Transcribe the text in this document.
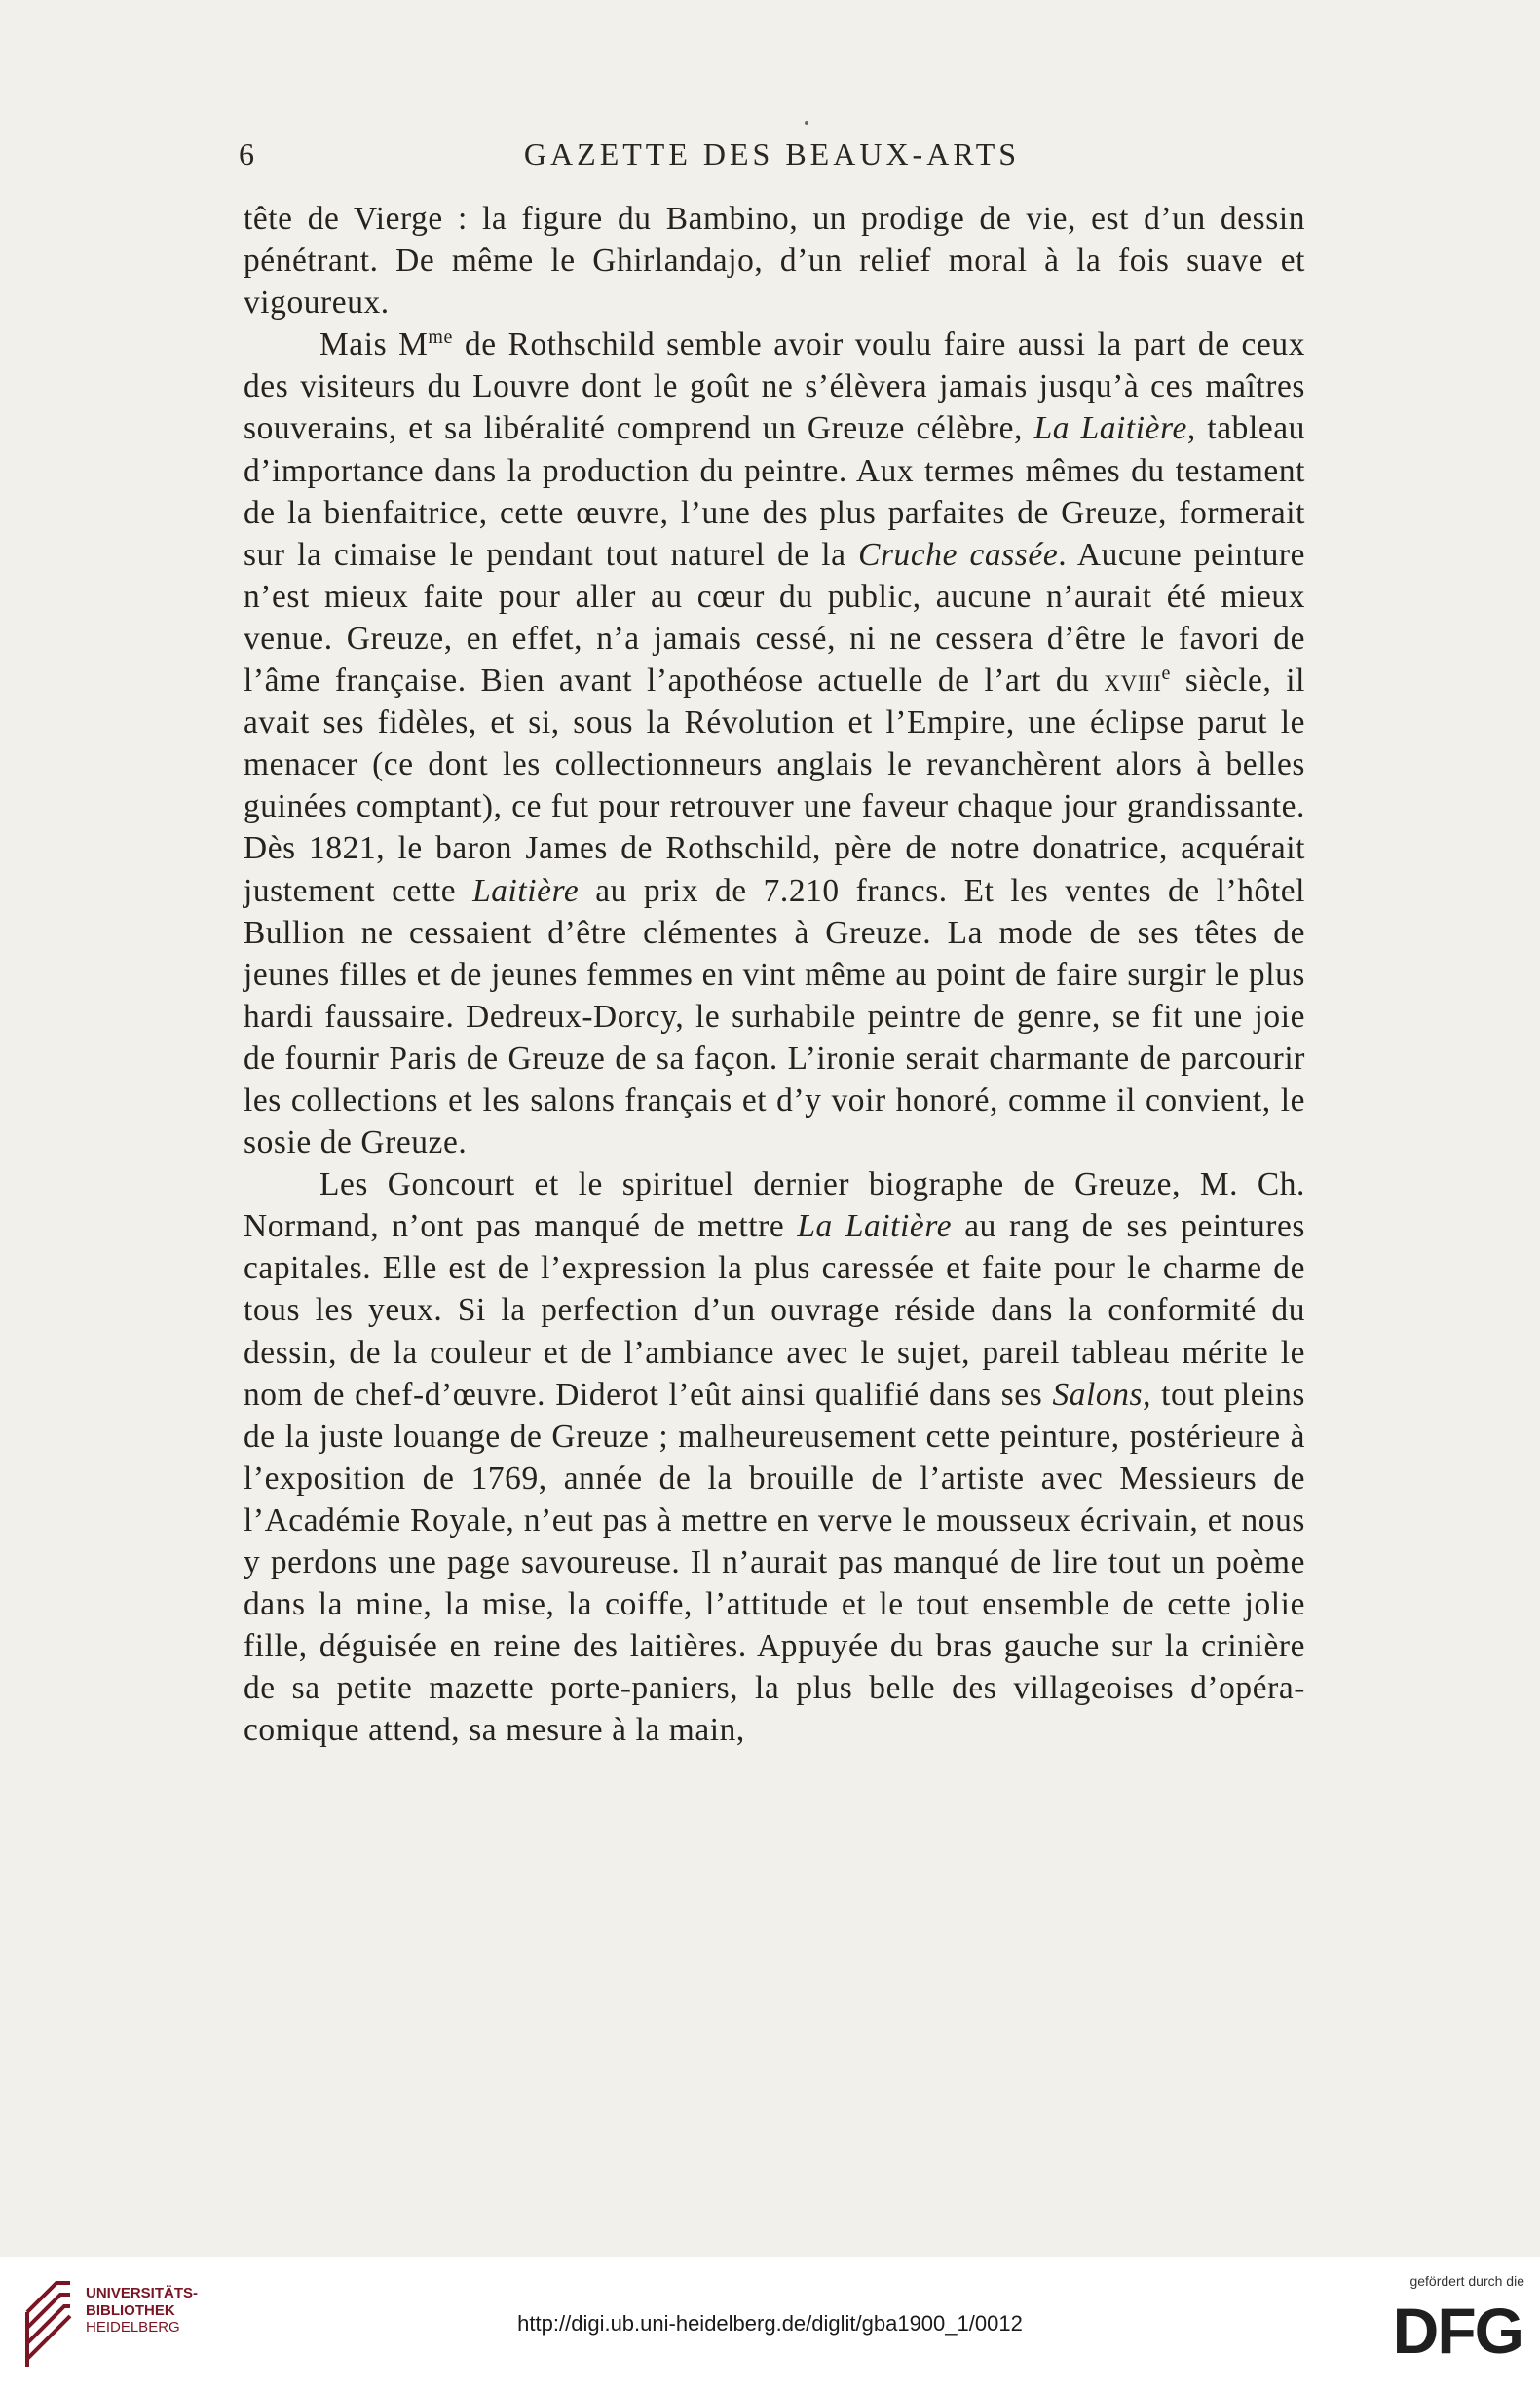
6	GAZETTE DES BEAUX-ARTS

tête de Vierge : la figure du Bambino, un prodige de vie, est d’un dessin pénétrant. De même le Ghirlandajo, d’un relief moral à la fois suave et vigoureux.

Mais $M^{me}$ de Rothschild semble avoir voulu faire aussi la part de ceux des visiteurs du Louvre dont le goût ne s’élèvera jamais jusqu’à ces maîtres souverains, et sa libéralité comprend un Greuze célèbre, La Laitière, tableau d’importance dans la production du peintre. Aux termes mêmes du testament de la bienfaitrice, cette œuvre, l’une des plus parfaites de Greuze, formerait sur la cimaise le pendant tout naturel de la Cruche cassée. Aucune peinture n’est mieux faite pour aller au cœur du public, aucune n’aurait été mieux venue. Greuze, en effet, n’a jamais cessé, ni ne cessera d’être le favori de l’âme française. Bien avant l’apothéose actuelle de l’art du xviii$^e$ siècle, il avait ses fidèles, et si, sous la Révolution et l’Empire, une éclipse parut le menacer (ce dont les collectionneurs anglais le revanchèrent alors à belles guinées comptant), ce fut pour retrouver une faveur chaque jour grandissante. Dès 1821, le baron James de Rothschild, père de notre donatrice, acquérait justement cette Laitière au prix de 7.210 francs. Et les ventes de l’hôtel Bullion ne cessaient d’être clémentes à Greuze. La mode de ses têtes de jeunes filles et de jeunes femmes en vint même au point de faire surgir le plus hardi faussaire. Dedreux-Dorcy, le surhabile peintre de genre, se fit une joie de fournir Paris de Greuze de sa façon. L’ironie serait charmante de parcourir les collections et les salons français et d’y voir honoré, comme il convient, le sosie de Greuze.

Les Goncourt et le spirituel dernier biographe de Greuze, M. Ch. Normand, n’ont pas manqué de mettre La Laitière au rang de ses peintures capitales. Elle est de l’expression la plus caressée et faite pour le charme de tous les yeux. Si la perfection d’un ouvrage réside dans la conformité du dessin, de la couleur et de l’ambiance avec le sujet, pareil tableau mérite le nom de chef-d’œuvre. Diderot l’eût ainsi qualifié dans ses Salons, tout pleins de la juste louange de Greuze ; malheureusement cette peinture, postérieure à l’exposition de 1769, année de la brouille de l’artiste avec Messieurs de l’Académie Royale, n’eut pas à mettre en verve le mousseux écrivain, et nous y perdons une page savoureuse. Il n’aurait pas manqué de lire tout un poème dans la mine, la mise, la coiffe, l’attitude et le tout ensemble de cette jolie fille, déguisée en reine des laitières. Appuyée du bras gauche sur la crinière de sa petite mazette porte-paniers, la plus belle des villageoises d’opéra-comique attend, sa mesure à la main,

UNIVERSITÄTS-
BIBLIOTHEK
HEIDELBERG	http://digi.ub.uni-heidelberg.de/diglit/gba1900_1/0012
gefördert durch die
DFG
